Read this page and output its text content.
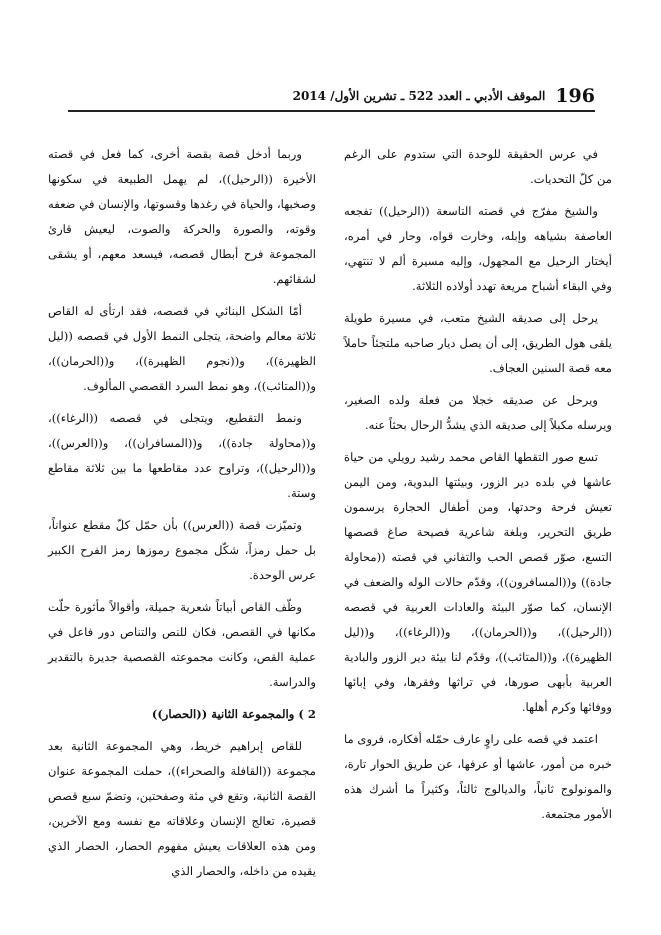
196
الموقف الأدبي ـ العدد 522 ـ تشرين الأول/ 2014

في عرس الحقيقة للوحدة التي ستدوم على الرغم من كلّ التحديات.

والشيخ مفرّج في قصته التاسعة ((الرحيل)) تفجعه العاصفة بشياهه وإبله، وخارت قواه، وحار في أمره، أيختار الرحيل مع المجهول، وإليه مسيرة ألم لا تنتهي، وفي البقاء أشباح مريعة تهدد أولاده الثلاثة.

يرحل إلى صديقه الشيخ متعب، في مسيرة طويلة يلقى هول الطريق، إلى أن يصل ديار صاحبه ملتجئاً حاملاً معه قصة السنين العجاف.

ويرحل عن صديقه خجلا من فعلة ولده الصغير، ويرسله مكبلاً إلى صديقه الذي يشدُّ الرحال بحثاً عنه.

تسع صور التقطها القاص محمد رشيد رويلي من حياة عاشها في بلده دير الزور، وبيئتها البدوية، ومن اليمن تعيش فرحة وحدتها، ومن أطفال الحجارة يرسمون طريق التحرير، وبلغة شاعرية فصيحة صاغ قصصها التسع، صوّر قصص الحب والتفاني في قصته ((محاولة جادة)) و((المسافرون))، وقدّم حالات الوله والضعف في الإنسان، كما صوّر البيئة والعادات العربية في قصصه ((الرحيل))، و((الحرمان))، و((الرغاء))، و((ليل الظهيرة))، و((المتائب))، وقدّم لنا بيئة دير الزور والبادية العربية بأبهى صورها، في تراثها وفقرها، وفي إبائها ووفائها وكرم أهلها.

اعتمد في قصه على راوٍ عارف حمّله أفكاره، فروى ما خبره من أمور، عاشها أو عرفها، عن طريق الحوار تارة، والمونولوج ثانياً، والديالوج ثالثاً، وكثيراً ما أشرك هذه الأمور مجتمعة.

وربما أدخل قصة بقصة أخرى، كما فعل في قصته الأخيرة ((الرحيل))، لم يهمل الطبيعة في سكونها وصخبها، والحياة في رغدها وقسوتها، والإنسان في ضعفه وقوته، والصورة والحركة والصوت، ليعيش قارئ المجموعة فرح أبطال قصصه، فيسعد معهم، أو يشقى لشقائهم.

أمّا الشكل البنائي في قصصه، فقد ارتأى له القاص ثلاثة معالم واضحة، يتجلى النمط الأول في قصصه ((ليل الظهيرة))، و((نجوم الظهيرة))، و((الحرمان))، و((المتائب))، وهو نمط السرد القصصي المألوف.

ونمط التقطيع، ويتجلى في قصصه ((الرغاء))، و((محاولة جادة))، و((المسافران))، و((العرس))، و((الرحيل))، وتراوح عدد مقاطعها ما بين ثلاثة مقاطع وستة.

وتميّزت قصة ((العرس)) بأن حمّل كلّ مقطع عنواناً، بل حمل رمزاً، شكّل مجموع رموزها رمز الفرح الكبير عرس الوحدة.

وظّف القاص أبياتاً شعرية جميلة، وأقوالاً مأثورة حلّت مكانها في القصص، فكان للنص والتناص دور فاعل في عملية القص، وكانت مجموعته القصصية جديرة بالتقدير والدراسة.

2 ) والمجموعة الثانية ((الحصار))

للقاص إبراهيم خريط، وهي المجموعة الثانية بعد مجموعة ((القافلة والصحراء))، حملت المجموعة عنوان القصة الثانية، وتقع في مئة وصفحتين، وتضمّ سبع قصص قصيرة، تعالج الإنسان وعلاقاته مع نفسه ومع الآخرين، ومن هذه العلاقات يعيش مفهوم الحصار، الحصار الذي يقيده من داخله، والحصار الذي
